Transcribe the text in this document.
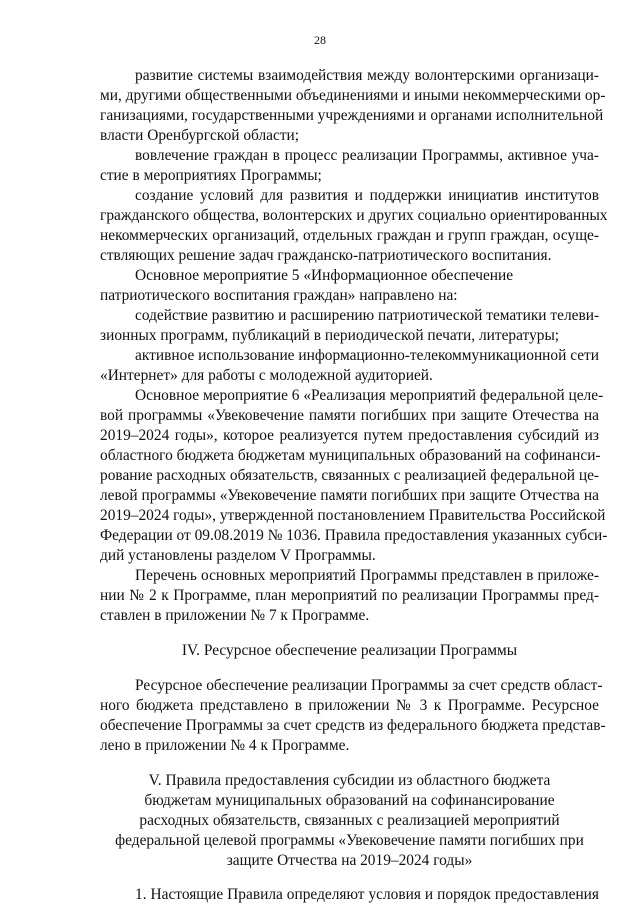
28
развитие системы взаимодействия между волонтерскими организаци-
ми, другими общественными объединениями и иными некоммерческими ор-
ганизациями, государственными учреждениями и органами исполнительной
власти Оренбургской области;
вовлечение граждан в процесс реализации Программы, активное уча-
стие в мероприятиях Программы;
создание условий для развития и поддержки инициатив институтов
гражданского общества, волонтерских и других социально ориентированных
некоммерческих организаций, отдельных граждан и групп граждан, осуще-
ствляющих решение задач гражданско-патриотического воспитания.
Основное мероприятие 5 «Информационное обеспечение
патриотического воспитания граждан» направлено на:
содействие развитию и расширению патриотической тематики телеви-
зионных программ, публикаций в периодической печати, литературы;
активное использование информационно-телекоммуникационной сети
«Интернет» для работы с молодежной аудиторией.
Основное мероприятие 6 «Реализация мероприятий федеральной целе-
вой программы «Увековечение памяти погибших при защите Отечества на
2019–2024 годы», которое реализуется путем предоставления субсидий из
областного бюджета бюджетам муниципальных образований на софинанси-
рование расходных обязательств, связанных с реализацией федеральной це-
левой программы «Увековечение памяти погибших при защите Отчества на
2019–2024 годы», утвержденной постановлением Правительства Российской
Федерации от 09.08.2019 № 1036. Правила предоставления указанных субси-
дий установлены разделом V Программы.
Перечень основных мероприятий Программы представлен в приложе-
нии № 2 к Программе, план мероприятий по реализации Программы пред-
ставлен в приложении № 7 к Программе.
IV. Ресурсное обеспечение реализации Программы
Ресурсное обеспечение реализации Программы за счет средств област-
ного бюджета представлено в приложении № 3 к Программе. Ресурсное
обеспечение Программы за счет средств из федерального бюджета представ-
лено в приложении № 4 к Программе.
V. Правила предоставления субсидии из областного бюджета
бюджетам муниципальных образований на софинансирование
расходных обязательств, связанных с реализацией мероприятий
федеральной целевой программы «Увековечение памяти погибших при
защите Отчества на 2019–2024 годы»
1. Настоящие Правила определяют условия и порядок предоставления
